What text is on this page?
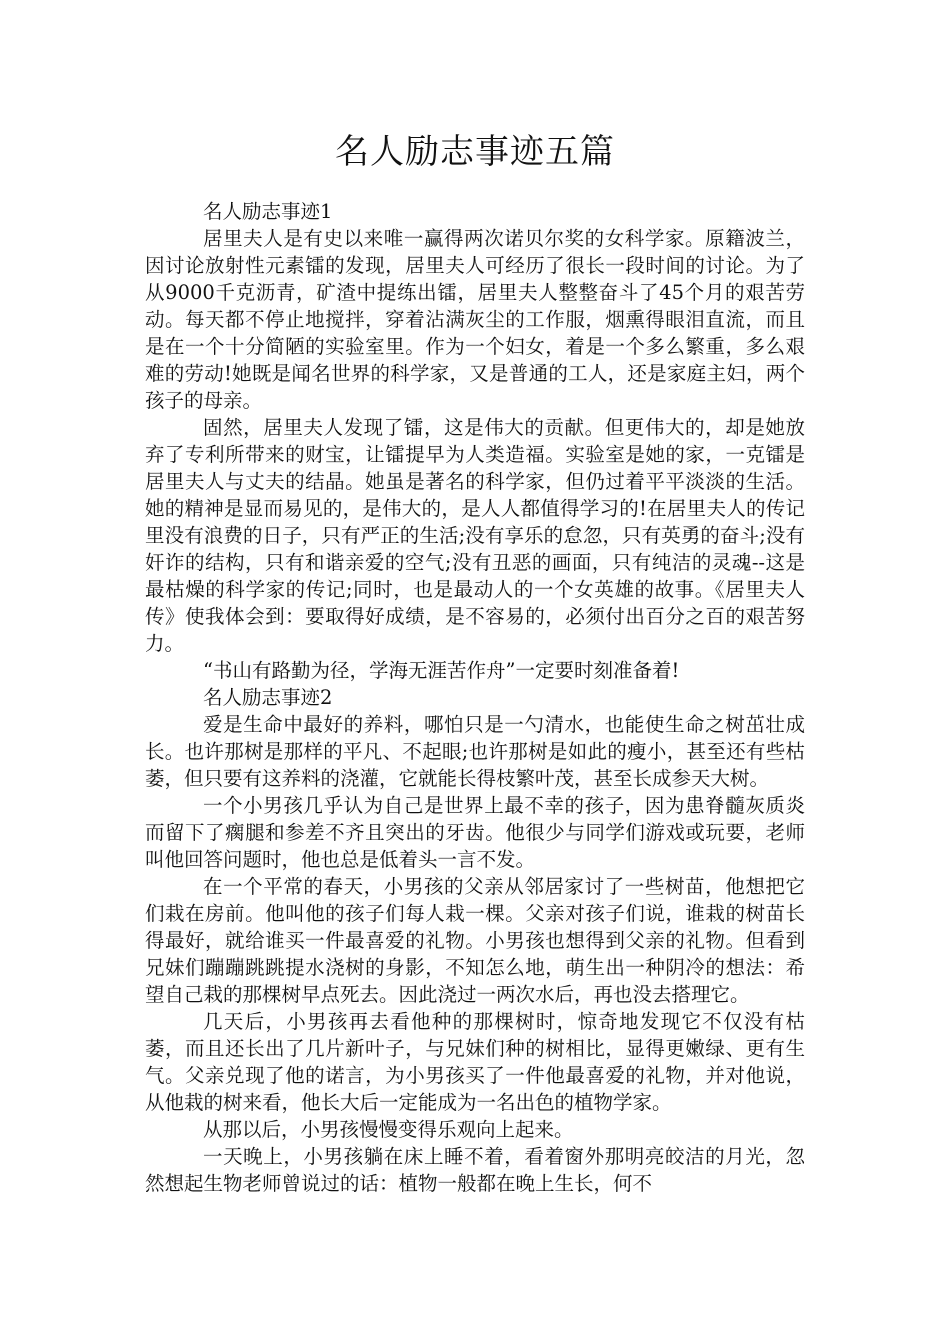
名人励志事迹五篇

名人励志事迹1

居里夫人是有史以来唯一赢得两次诺贝尔奖的女科学家。原籍波兰，因讨论放射性元素镭的发现，居里夫人可经历了很长一段时间的讨论。为了从9000千克沥青，矿渣中提练出镭，居里夫人整整奋斗了45个月的艰苦劳动。每天都不停止地搅拌，穿着沾满灰尘的工作服，烟熏得眼泪直流，而且是在一个十分简陋的实验室里。作为一个妇女，着是一个多么繁重，多么艰难的劳动!她既是闻名世界的科学家，又是普通的工人，还是家庭主妇，两个孩子的母亲。

固然，居里夫人发现了镭，这是伟大的贡献。但更伟大的，却是她放弃了专利所带来的财宝，让镭提早为人类造福。实验室是她的家，一克镭是居里夫人与丈夫的结晶。她虽是著名的科学家，但仍过着平平淡淡的生活。她的精神是显而易见的，是伟大的，是人人都值得学习的!在居里夫人的传记里没有浪费的日子，只有严正的生活;没有享乐的怠忽，只有英勇的奋斗;没有奸诈的结构，只有和谐亲爱的空气;没有丑恶的画面，只有纯洁的灵魂--这是最枯燥的科学家的传记;同时，也是最动人的一个女英雄的故事。《居里夫人传》使我体会到：要取得好成绩，是不容易的，必须付出百分之百的艰苦努力。

“书山有路勤为径，学海无涯苦作舟”一定要时刻准备着!

名人励志事迹2

爱是生命中最好的养料，哪怕只是一勺清水，也能使生命之树茁壮成长。也许那树是那样的平凡、不起眼;也许那树是如此的瘦小，甚至还有些枯萎，但只要有这养料的浇灌，它就能长得枝繁叶茂，甚至长成参天大树。

一个小男孩几乎认为自己是世界上最不幸的孩子，因为患脊髓灰质炎而留下了瘸腿和参差不齐且突出的牙齿。他很少与同学们游戏或玩要，老师叫他回答问题时，他也总是低着头一言不发。

在一个平常的春天，小男孩的父亲从邻居家讨了一些树苗，他想把它们栽在房前。他叫他的孩子们每人栽一棵。父亲对孩子们说，谁栽的树苗长得最好，就给谁买一件最喜爱的礼物。小男孩也想得到父亲的礼物。但看到兄妹们蹦蹦跳跳提水浇树的身影，不知怎么地，萌生出一种阴冷的想法：希望自己栽的那棵树早点死去。因此浇过一两次水后，再也没去搭理它。

几天后，小男孩再去看他种的那棵树时，惊奇地发现它不仅没有枯萎，而且还长出了几片新叶子，与兄妹们种的树相比，显得更嫩绿、更有生气。父亲兑现了他的诺言，为小男孩买了一件他最喜爱的礼物，并对他说，从他栽的树来看，他长大后一定能成为一名出色的植物学家。

从那以后，小男孩慢慢变得乐观向上起来。

一天晚上，小男孩躺在床上睡不着，看着窗外那明亮皎洁的月光，忽然想起生物老师曾说过的话：植物一般都在晚上生长，何不
